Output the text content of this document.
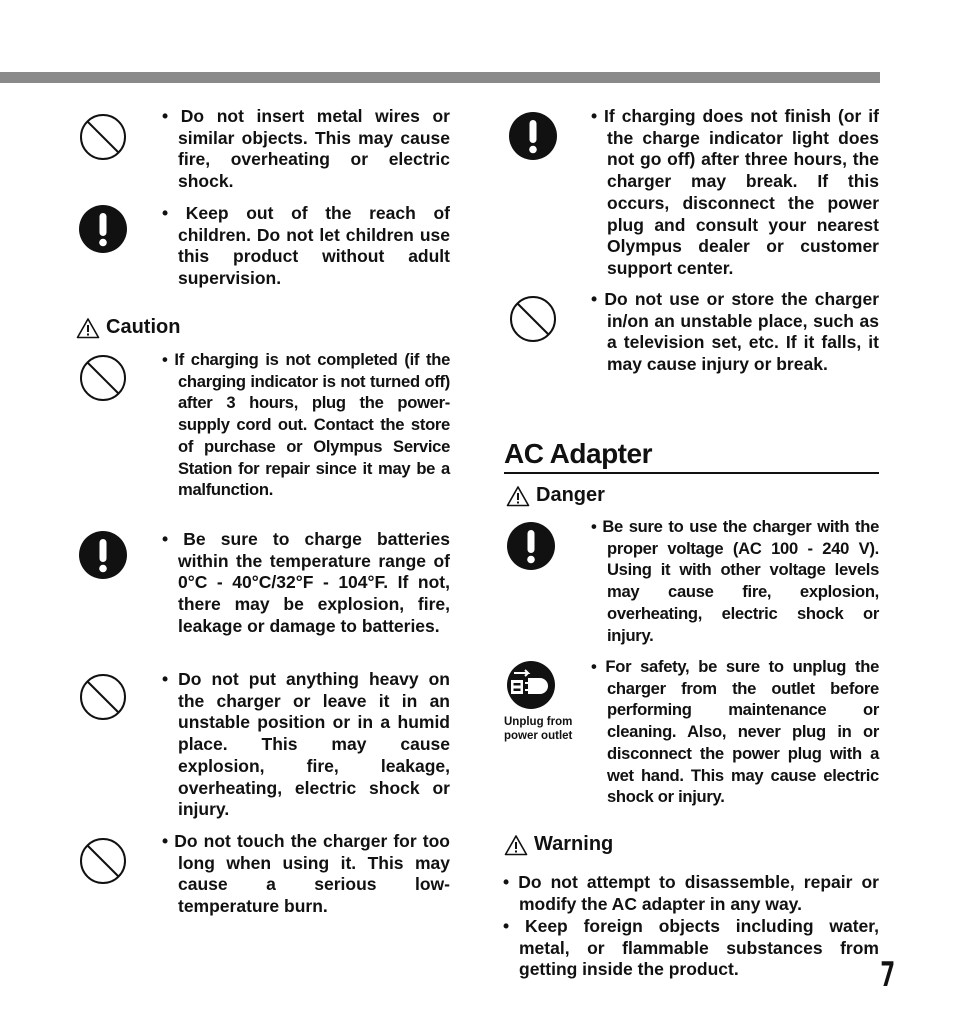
• Do not insert metal wires or similar objects. This may cause fire, overheating or electric shock.
• Keep out of the reach of children. Do not let children use this product without adult supervision.
Caution
• If charging is not completed (if the charging indicator is not turned off) after 3 hours, plug the power-supply cord out. Contact the store of purchase or Olympus Service Station for repair since it may be a malfunction.
• Be sure to charge batteries within the temperature range of 0°C - 40°C/32°F - 104°F. If not, there may be explosion, fire, leakage or damage to batteries.
• Do not put anything heavy on the charger or leave it in an unstable position or in a humid place. This may cause explosion, fire, leakage, overheating, electric shock or injury.
• Do not touch the charger for too long when using it. This may cause a serious low-temperature burn.
• If charging does not finish (or if the charge indicator light does not go off) after three hours, the charger may break. If this occurs, disconnect the power plug and consult your nearest Olympus dealer or customer support center.
• Do not use or store the charger in/on an unstable place, such as a television set, etc. If it falls, it may cause injury or break.
AC Adapter
Danger
• Be sure to use the charger with the proper voltage (AC 100 - 240 V). Using it with other voltage levels may cause fire, explosion, overheating, electric shock or injury.
Unplug from power outlet
• For safety, be sure to unplug the charger from the outlet before performing maintenance or cleaning. Also, never plug in or disconnect the power plug with a wet hand. This may cause electric shock or injury.
Warning
• Do not attempt to disassemble, repair or modify the AC adapter in any way.
• Keep foreign objects including water, metal, or flammable substances from getting inside the product.	7
